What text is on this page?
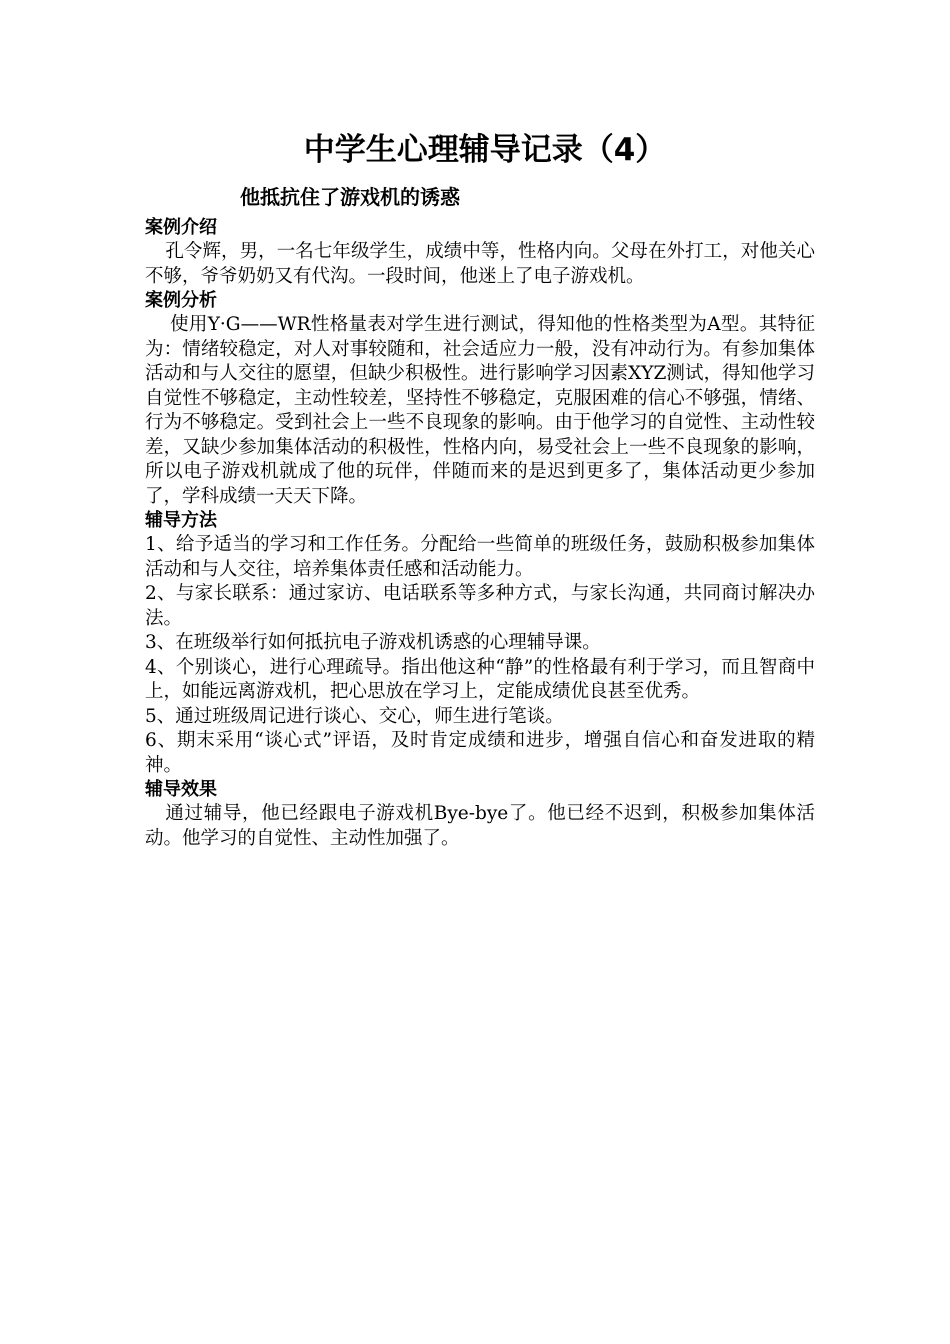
中学生心理辅导记录（4）
他抵抗住了游戏机的诱惑
案例介绍

孔令辉，男，一名七年级学生，成绩中等，性格内向。父母在外打工，对他关心不够，爷爷奶奶又有代沟。一段时间，他迷上了电子游戏机。

案例分析

使用Y·G——WR性格量表对学生进行测试，得知他的性格类型为A型。其特征为：情绪较稳定，对人对事较随和，社会适应力一般，没有冲动行为。有参加集体活动和与人交往的愿望，但缺少积极性。进行影响学习因素XYZ测试，得知他学习自觉性不够稳定，主动性较差，坚持性不够稳定，克服困难的信心不够强，情绪、行为不够稳定。受到社会上一些不良现象的影响。由于他学习的自觉性、主动性较差，又缺少参加集体活动的积极性，性格内向，易受社会上一些不良现象的影响，所以电子游戏机就成了他的玩伴，伴随而来的是迟到更多了，集体活动更少参加了，学科成绩一天天下降。

辅导方法

1、给予适当的学习和工作任务。分配给一些简单的班级任务，鼓励积极参加集体活动和与人交往，培养集体责任感和活动能力。

2、与家长联系：通过家访、电话联系等多种方式，与家长沟通，共同商讨解决办法。

3、在班级举行如何抵抗电子游戏机诱惑的心理辅导课。

4、个别谈心，进行心理疏导。指出他这种“静”的性格最有利于学习，而且智商中上，如能远离游戏机，把心思放在学习上，定能成绩优良甚至优秀。

5、通过班级周记进行谈心、交心，师生进行笔谈。

6、期末采用“谈心式”评语，及时肯定成绩和进步，增强自信心和奋发进取的精神。

辅导效果

通过辅导，他已经跟电子游戏机Bye-bye了。他已经不迟到，积极参加集体活动。他学习的自觉性、主动性加强了。
